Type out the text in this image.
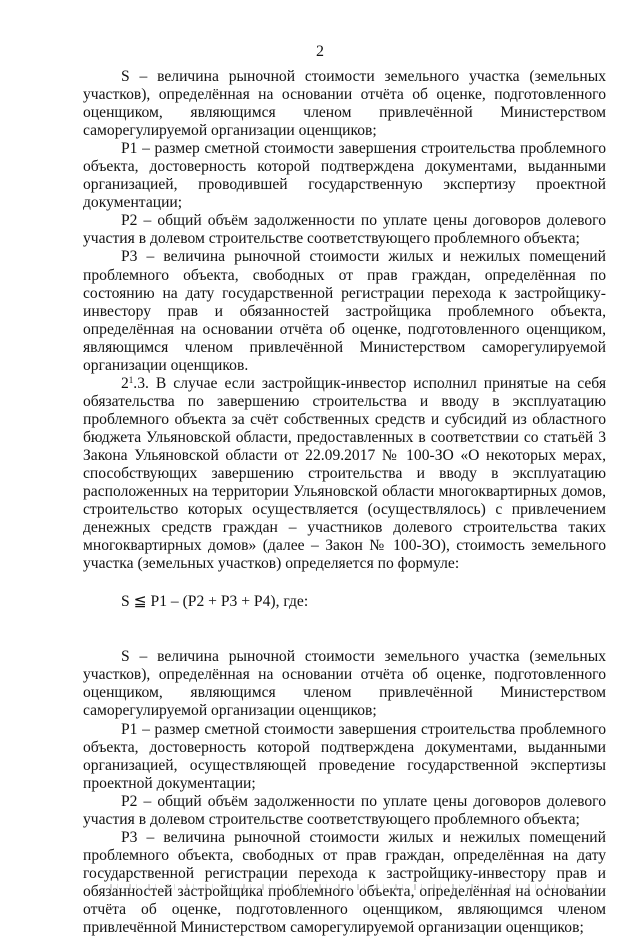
2

S – величина рыночной стоимости земельного участка (земельных участков), определённая на основании отчёта об оценке, подготовленного оценщиком, являющимся членом привлечённой Министерством саморегулируемой организации оценщиков;

Р1 – размер сметной стоимости завершения строительства проблемного объекта, достоверность которой подтверждена документами, выданными организацией, проводившей государственную экспертизу проектной документации;

Р2 – общий объём задолженности по уплате цены договоров долевого участия в долевом строительстве соответствующего проблемного объекта;

Р3 – величина рыночной стоимости жилых и нежилых помещений проблемного объекта, свободных от прав граждан, определённая по состоянию на дату государственной регистрации перехода к застройщику-инвестору прав и обязанностей застройщика проблемного объекта, определённая на основании отчёта об оценке, подготовленного оценщиком, являющимся членом привлечённой Министерством саморегулируемой организации оценщиков.

$2^1.3$. В случае если застройщик-инвестор исполнил принятые на себя обязательства по завершению строительства и вводу в эксплуатацию проблемного объекта за счёт собственных средств и субсидий из областного бюджета Ульяновской области, предоставленных в соответствии со статьёй 3 Закона Ульяновской области от 22.09.2017 № 100-ЗО «О некоторых мерах, способствующих завершению строительства и вводу в эксплуатацию расположенных на территории Ульяновской области многоквартирных домов, строительство которых осуществляется (осуществлялось) с привлечением денежных средств граждан – участников долевого строительства таких многоквартирных домов» (далее – Закон № 100-ЗО), стоимость земельного участка (земельных участков) определяется по формуле:

S ≦ Р1 – (Р2 + Р3 + Р4), где:

S – величина рыночной стоимости земельного участка (земельных участков), определённая на основании отчёта об оценке, подготовленного оценщиком, являющимся членом привлечённой Министерством саморегулируемой организации оценщиков;

Р1 – размер сметной стоимости завершения строительства проблемного объекта, достоверность которой подтверждена документами, выданными организацией, осуществляющей проведение государственной экспертизы проектной документации;

Р2 – общий объём задолженности по уплате цены договоров долевого участия в долевом строительстве соответствующего проблемного объекта;

Р3 – величина рыночной стоимости жилых и нежилых помещений проблемного объекта, свободных от прав граждан, определённая на дату государственной регистрации перехода к застройщику-инвестору прав и обязанностей застройщика проблемного объекта, определённая на основании отчёта об оценке, подготовленного оценщиком, являющимся членом привлечённой Министерством саморегулируемой организации оценщиков;
